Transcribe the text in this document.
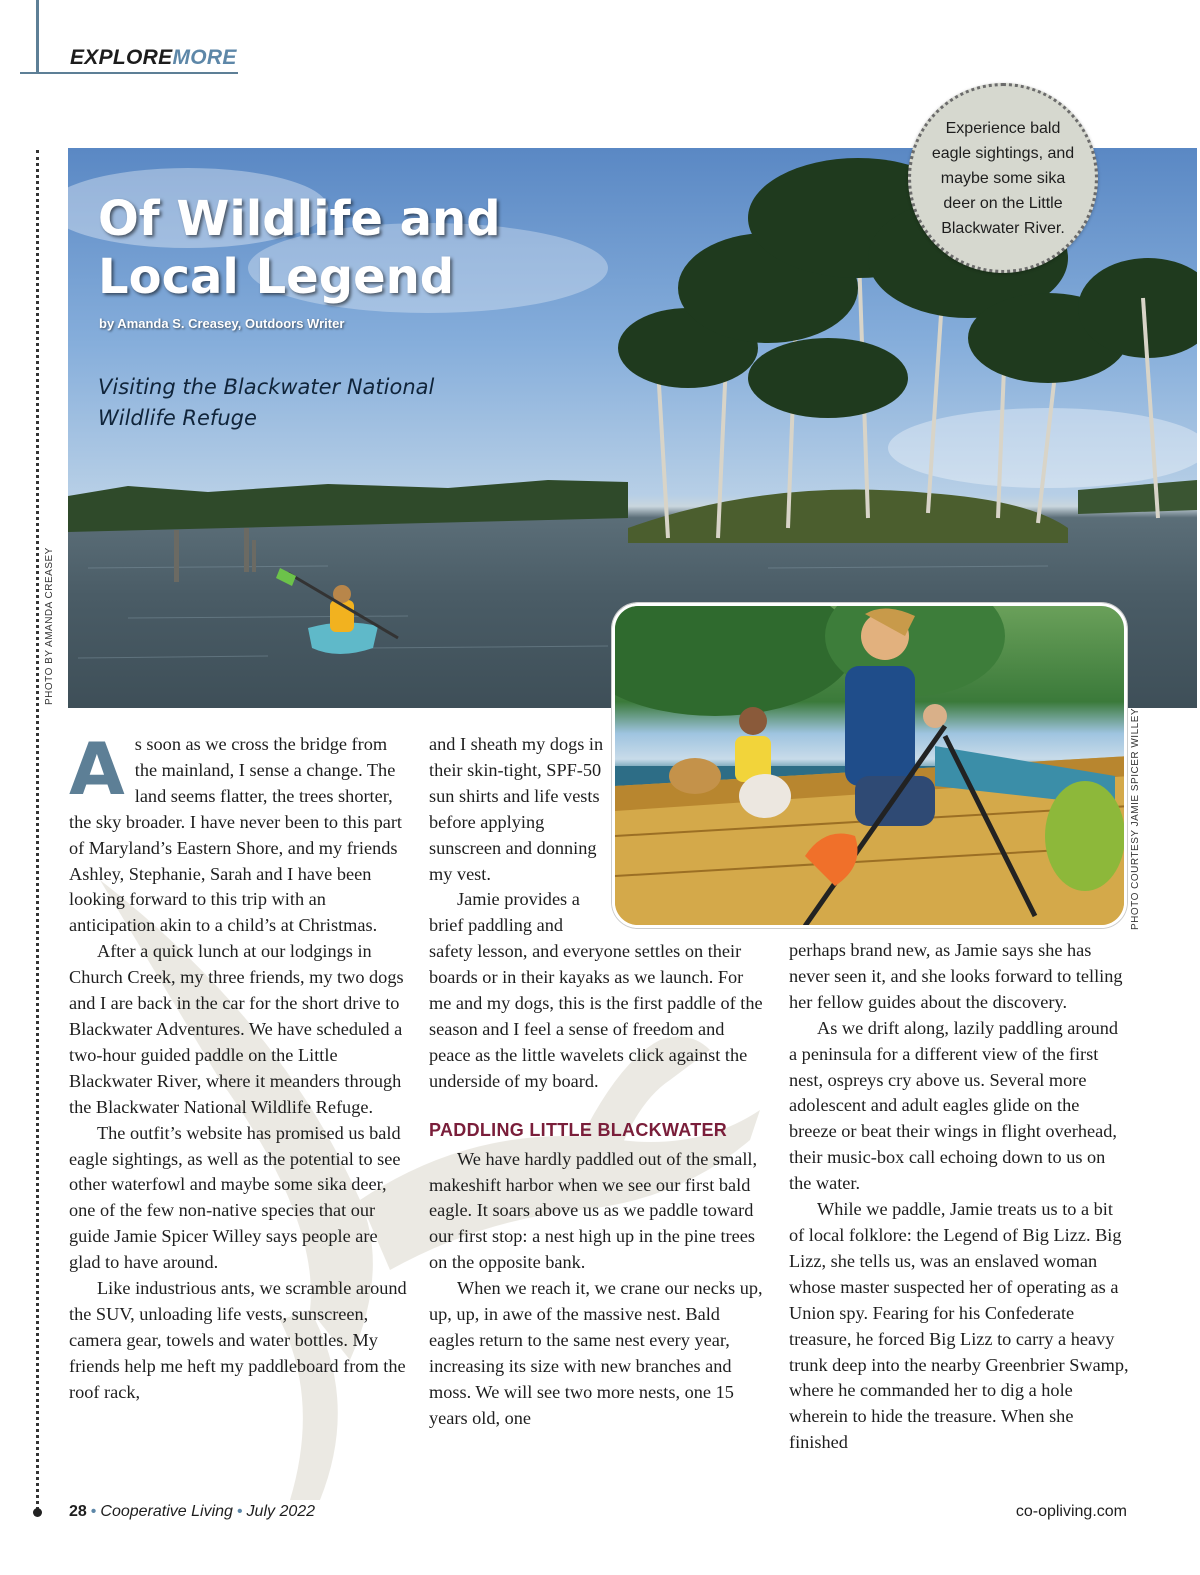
EXPLOREMORE
PHOTO BY AMANDA CREASEY
Of Wildlife and Local Legend
by Amanda S. Creasey, Outdoors Writer
Visiting the Blackwater National Wildlife Refuge
Experience bald eagle sightings, and maybe some sika deer on the Little Blackwater River.
PHOTO COURTESY JAMIE SPICER WILLEY

As soon as we cross the bridge from the mainland, I sense a change. The land seems flatter, the trees shorter, the sky broader. I have never been to this part of Maryland’s Eastern Shore, and my friends Ashley, Stephanie, Sarah and I have been looking forward to this trip with an anticipation akin to a child’s at Christmas.

After a quick lunch at our lodgings in Church Creek, my three friends, my two dogs and I are back in the car for the short drive to Blackwater Adventures. We have scheduled a two-hour guided paddle on the Little Blackwater River, where it meanders through the Blackwater National Wildlife Refuge.

The outfit’s website has promised us bald eagle sightings, as well as the potential to see other waterfowl and maybe some sika deer, one of the few non-native species that our guide Jamie Spicer Willey says people are glad to have around.

Like industrious ants, we scramble around the SUV, unloading life vests, sunscreen, camera gear, towels and water bottles. My friends help me heft my paddleboard from the roof rack,

and I sheath my dogs in their skin-tight, SPF-50 sun shirts and life vests before applying sunscreen and donning my vest.

Jamie provides a brief paddling and

safety lesson, and everyone settles on their boards or in their kayaks as we launch. For me and my dogs, this is the first paddle of the season and I feel a sense of freedom and peace as the little wavelets click against the underside of my board.

PADDLING LITTLE BLACKWATER

We have hardly paddled out of the small, makeshift harbor when we see our first bald eagle. It soars above us as we paddle toward our first stop: a nest high up in the pine trees on the opposite bank.

When we reach it, we crane our necks up, up, up, in awe of the massive nest. Bald eagles return to the same nest every year, increasing its size with new branches and moss. We will see two more nests, one 15 years old, one

perhaps brand new, as Jamie says she has never seen it, and she looks forward to telling her fellow guides about the discovery.

As we drift along, lazily paddling around a peninsula for a different view of the first nest, ospreys cry above us. Several more adolescent and adult eagles glide on the breeze or beat their wings in flight overhead, their music-box call echoing down to us on the water.

While we paddle, Jamie treats us to a bit of local folklore: the Legend of Big Lizz. Big Lizz, she tells us, was an enslaved woman whose master suspected her of operating as a Union spy. Fearing for his Confederate treasure, he forced Big Lizz to carry a heavy trunk deep into the nearby Greenbrier Swamp, where he commanded her to dig a hole wherein to hide the treasure. When she finished

28 • Cooperative Living • July 2022	co-opliving.com
